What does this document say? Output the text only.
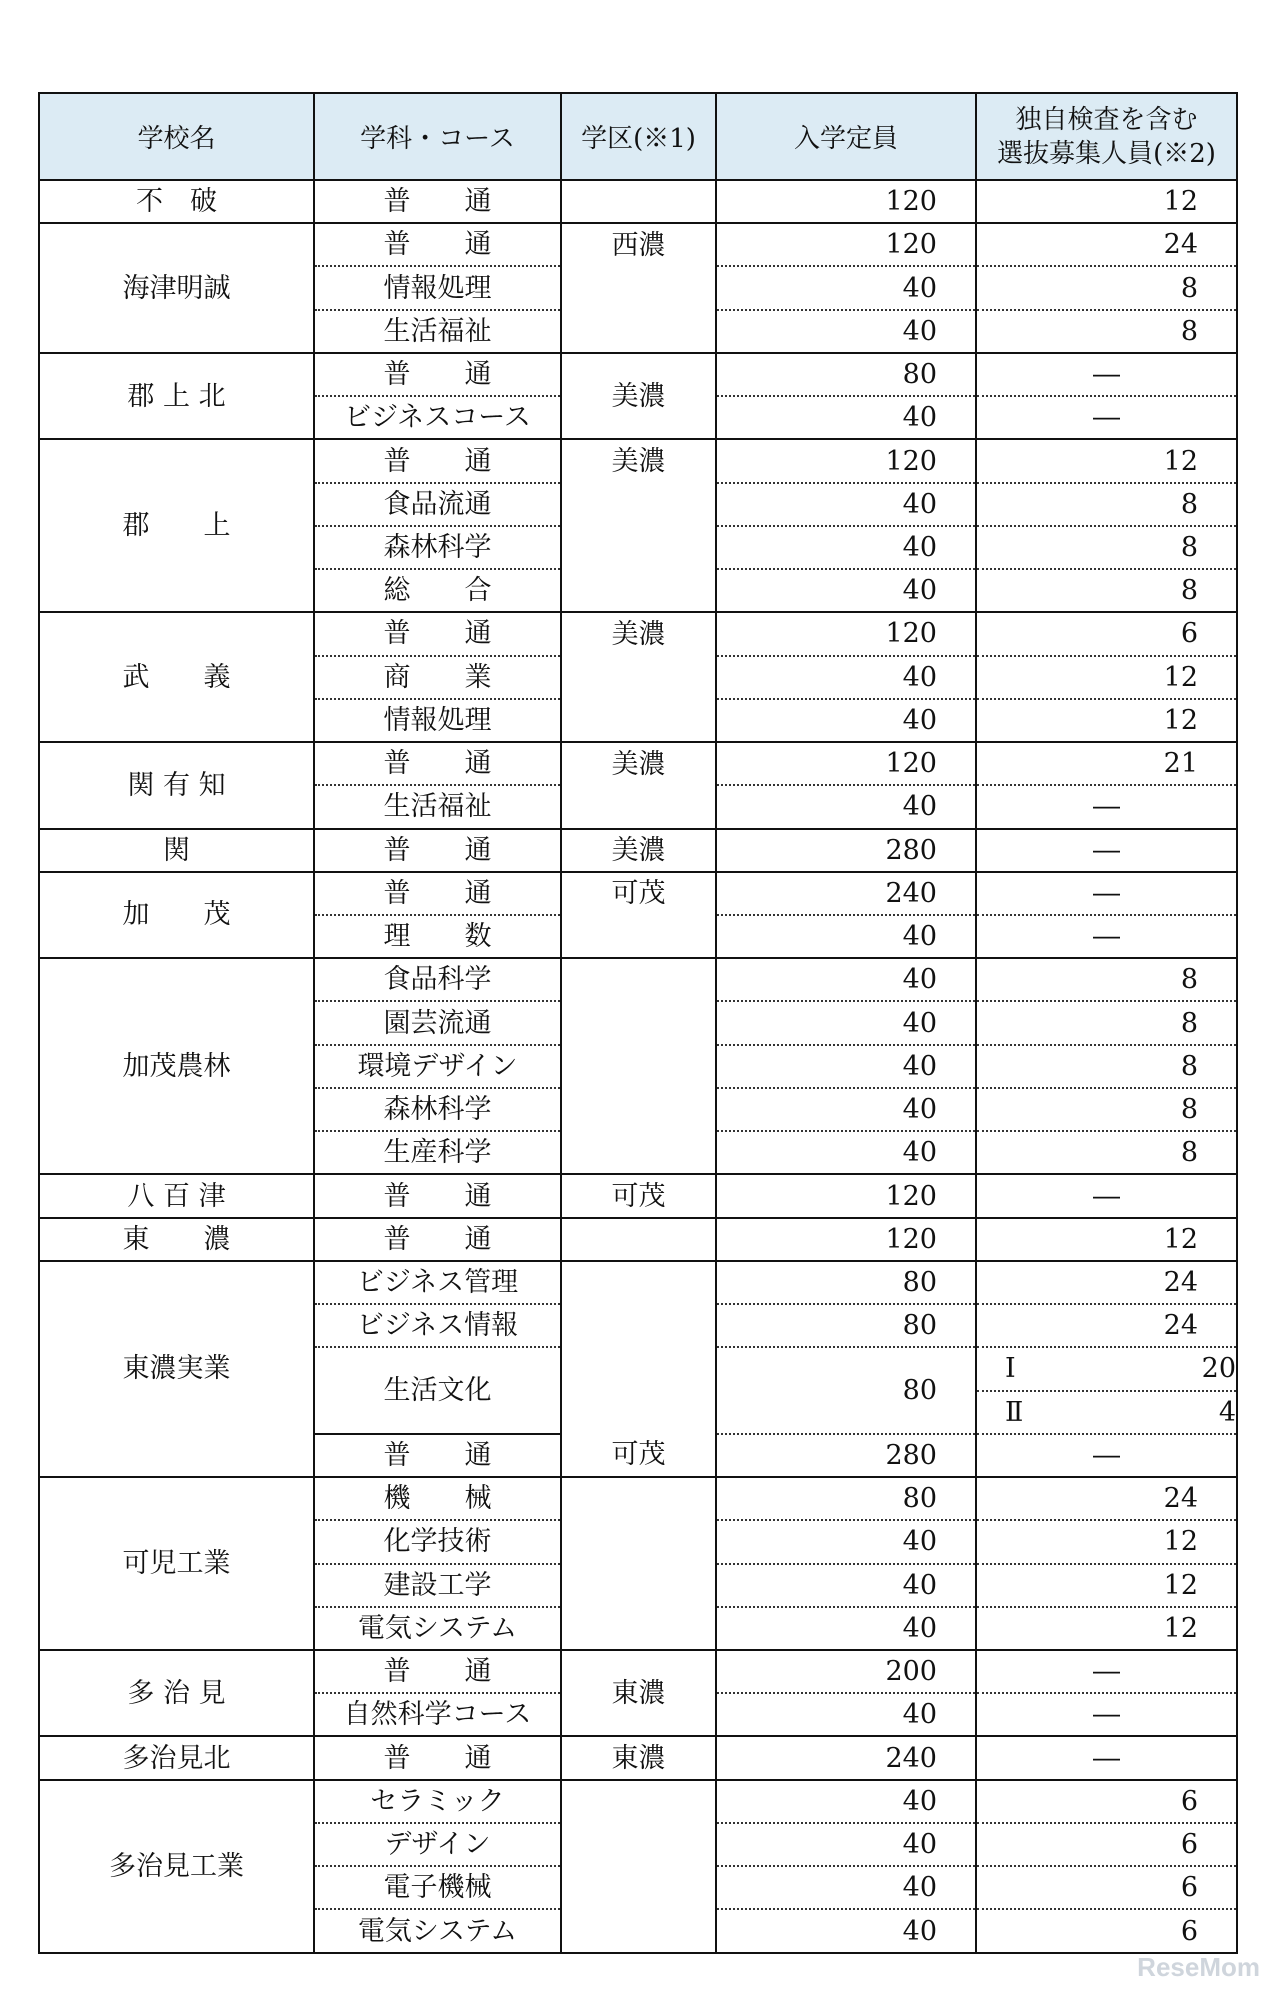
学校名	学科・コース	学区(※1)	入学定員	独自検査を含む
選抜募集人員(※2)

不　破	普　　通		120	12
海津明誠	普　　通	西濃	120	24
	情報処理		40	8
	生活福祉		40	8
郡 上 北	普　　通	美濃	80	―
	ビジネスコース		40	―
郡　　上	普　　通	美濃	120	12
	食品流通		40	8
	森林科学		40	8
	総　　合		40	8
武　　義	普　　通	美濃	120	6
	商　　業		40	12
	情報処理		40	12
関 有 知	普　　通	美濃	120	21
	生活福祉		40	―
関	普　　通	美濃	280	―
加　　茂	普　　通	可茂	240	―
	理　　数		40	―
加茂農林	食品科学		40	8
	園芸流通		40	8
	環境デザイン		40	8
	森林科学		40	8
	生産科学		40	8
八 百 津	普　　通	可茂	120	―
東　　濃	普　　通		120	12
東濃実業	ビジネス管理		80	24
	ビジネス情報		80	24
	生活文化		80	Ⅰ 20

				Ⅱ 4
	普　　通	可茂	280	―
可児工業	機　　械		80	24
	化学技術		40	12
	建設工学		40	12
	電気システム		40	12
多 治 見	普　　通	東濃	200	―
	自然科学コース		40	―
多治見北	普　　通	東濃	240	―
多治見工業	セラミック		40	6
	デザイン		40	6
	電子機械		40	6
	電気システム		40	6
ReseMom
